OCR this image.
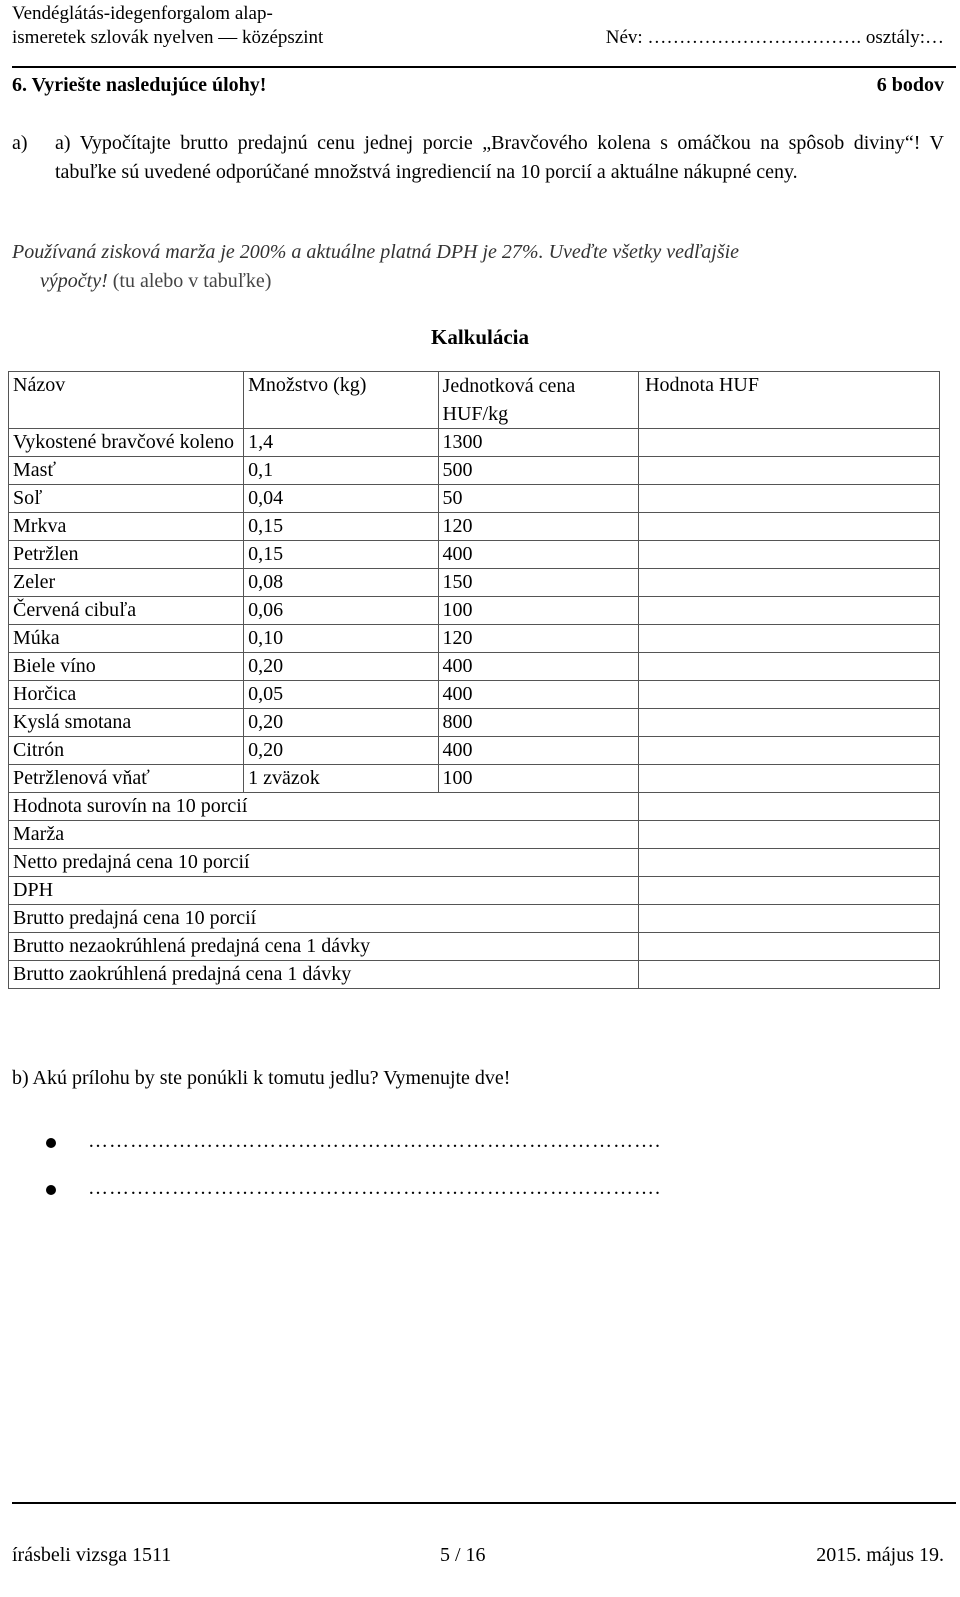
Vendéglátás-idegenforgalom alap-
ismeretek szlovák nyelven — középszint	Név: ……………………………. osztály:…
6. Vyriešte nasledujúce úlohy!	6 bodov
a) a) Vypočítajte brutto predajnú cenu jednej porcie „Bravčového kolena s omáčkou na spôsob diviny“! V tabuľke sú uvedené odporúčané množstvá ingrediencií na 10 porcií a aktuálne nákupné ceny.
Používaná zisková marža je 200% a aktuálne platná DPH je 27%. Uveďte všetky vedľajšie
výpočty! (tu alebo v tabuľke)
Kalkulácia
Názov	Množstvo (kg)	Jednotková cena HUF/kg	Hodnota HUF
Vykostené bravčové koleno	1,4	1300	
Masť	0,1	500	
Soľ	0,04	50	
Mrkva	0,15	120	
Petržlen	0,15	400	
Zeler	0,08	150	
Červená cibuľa	0,06	100	
Múka	0,10	120	
Biele víno	0,20	400	
Horčica	0,05	400	
Kyslá smotana	0,20	800	
Citrón	0,20	400	
Petržlenová vňať	1 zväzok	100	
Hodnota surovín na 10 porcií			
Marža			
Netto predajná cena 10 porcií			
DPH			
Brutto predajná cena 10 porcií			
Brutto nezaokrúhlená predajná cena 1 dávky			
Brutto zaokrúhlená predajná cena 1 dávky			
b) Akú prílohu by ste ponúkli k tomutu jedlu? Vymenujte dve!
……………………………………………………………………….
……………………………………………………………………….
írásbeli vizsga 1511	5 / 16	2015. május 19.
